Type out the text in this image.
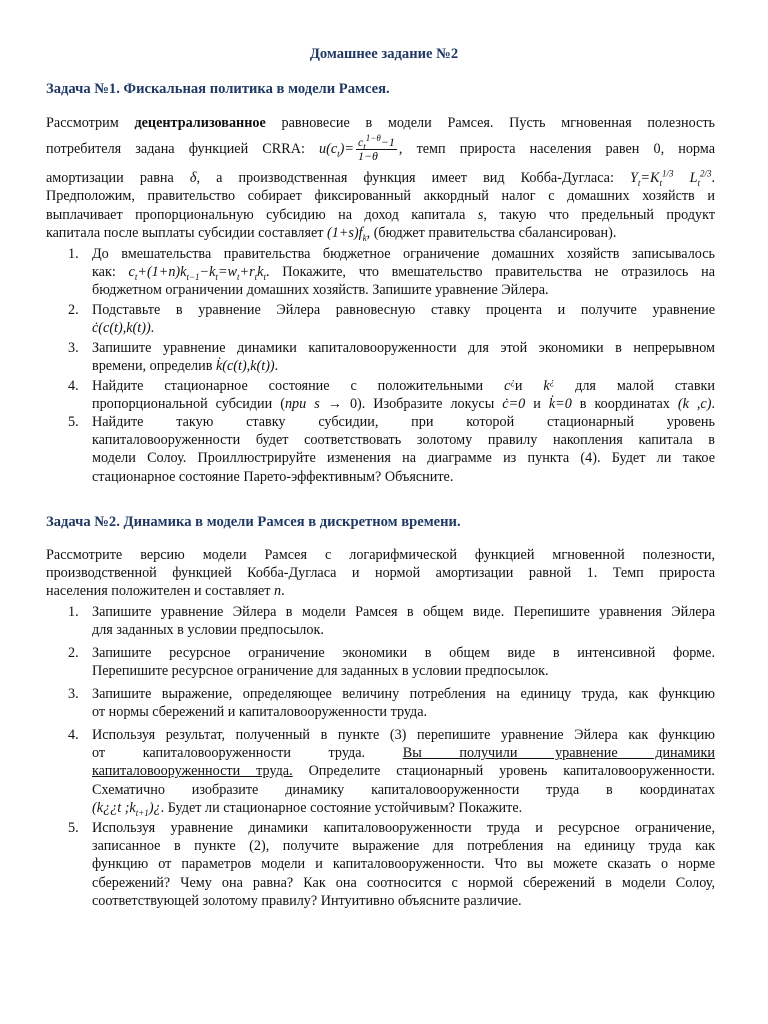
Домашнее задание №2
Задача №1. Фискальная политика в модели Рамсея.
Рассмотрим децентрализованное равновесие в модели Рамсея. Пусть мгновенная полезность
потребителя задана функцией CRRA: $u(c_t)= \frac{c_t^{1-\theta}-1}{1-\theta}$ , темп прироста населения равен 0, норма
амортизации равна δ, а производственная функция имеет вид Кобба-Дугласа: $Y_t=K_t^{1/3}$ $L_t^{2/3}$.
Предположим, правительство собирает фиксированный аккордный налог с домашних хозяйств и
выплачивает пропорциональную субсидию на доход капитала s, такую что предельный продукт
капитала после выплаты субсидии составляет $(1+s)f_k$, (бюджет правительства сбалансирован).
1. До вмешательства правительства бюджетное ограничение домашних хозяйств записывалось
как: $c_t+(1+n)k_{t-1}-k_t=w_t+r_tk_t$. Покажите, что вмешательство правительства не отразилось на
бюджетном ограничении домашних хозяйств. Запишите уравнение Эйлера.
2. Подставьте в уравнение Эйлера равновесную ставку процента и получите уравнение
ċ(c(t),k(t)).
3. Запишите уравнение динамики капиталовооруженности для этой экономики в непрерывном
времени, определив k̇(c(t),k(t)).
4. Найдите стационарное состояние с положительными c¿и k¿ для малой ставки
пропорциональной субсидии (npu s → 0). Изобразите локусы ċ=0 и k̇=0 в координатах (k ,c).
5. Найдите такую ставку субсидии, при которой стационарный уровень
капиталовооруженности будет соответствовать золотому правилу накопления капитала в
модели Солоу. Проиллюстрируйте изменения на диаграмме из пункта (4). Будет ли такое
стационарное состояние Парето-эффективным? Объясните.
Задача №2. Динамика в модели Рамсея в дискретном времени.
Рассмотрите версию модели Рамсея с логарифмической функцией мгновенной полезности,
производственной функцией Кобба-Дугласа и нормой амортизации равной 1. Темп прироста
населения положителен и составляет n.
1. Запишите уравнение Эйлера в модели Рамсея в общем виде. Перепишите уравнения Эйлера
для заданных в условии предпосылок.
2. Запишите ресурсное ограничение экономики в общем виде в интенсивной форме.
Перепишите ресурсное ограничение для заданных в условии предпосылок.
3. Запишите выражение, определяющее величину потребления на единицу труда, как функцию
от нормы сбережений и капиталовооруженности труда.
4. Используя результат, полученный в пункте (3) перепишите уравнение Эйлера как функцию
от капиталовооруженности труда.	Вы получили уравнение динамики
капиталовооруженности труда. Определите стационарный уровень капиталовооруженности.
Схематично изобразите динамику капиталовооруженности труда в координатах
(k¿¿t $;k_{t+1})¿$. Будет ли стационарное состояние устойчивым? Покажите.
5. Используя уравнение динамики капиталовооруженности труда и ресурсное ограничение,
записанное в пункте (2), получите выражение для потребления на единицу труда как
функцию от параметров модели и капиталовооруженности. Что вы можете сказать о норме
сбережений? Чему она равна? Как она соотносится с нормой сбережений в модели Солоу,
соответствующей золотому правилу? Интуитивно объясните различие.
